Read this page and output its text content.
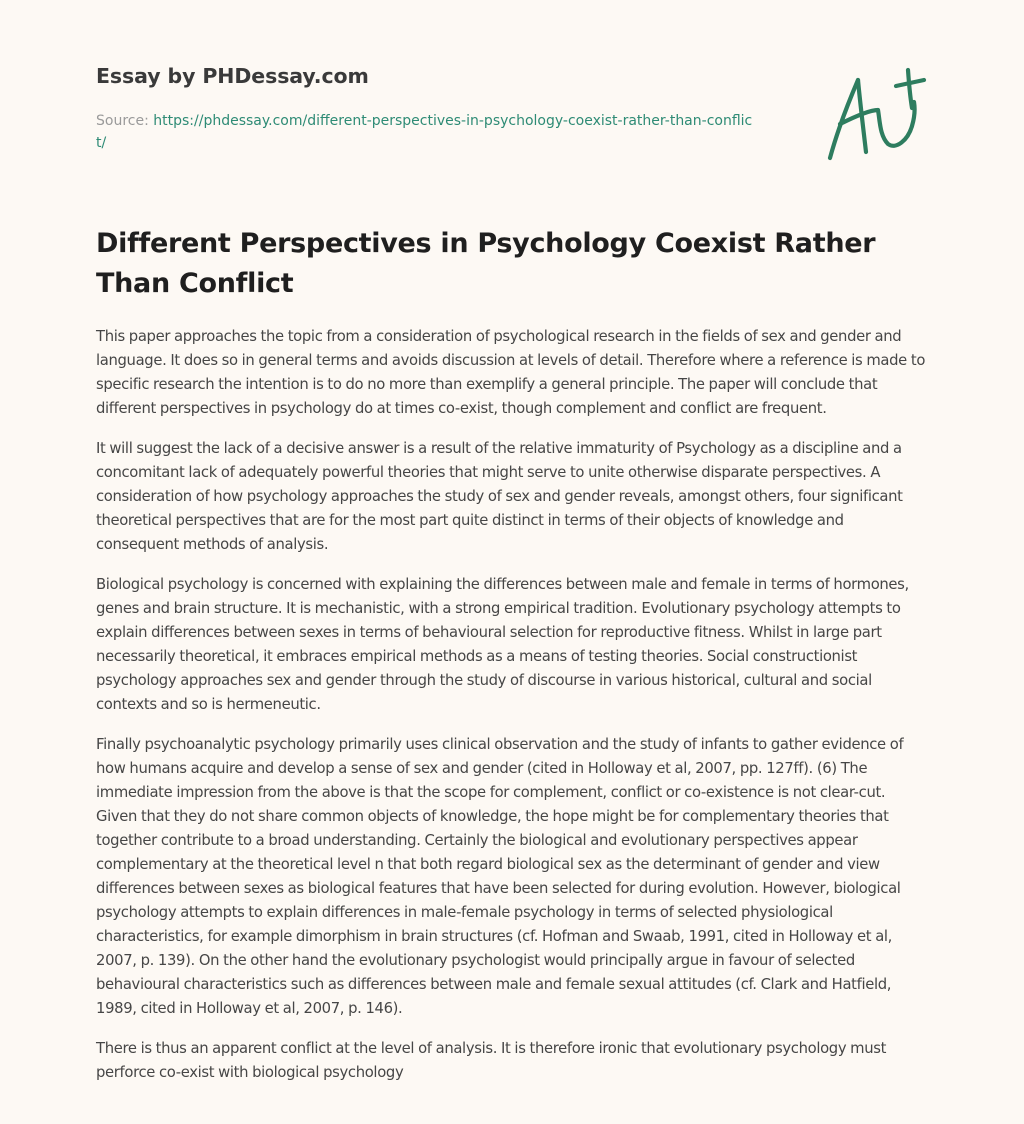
Essay by PHDessay.com
Source: https://phdessay.com/different-perspectives-in-psychology-coexist-rather-than-conflict/
Different Perspectives in Psychology Coexist Rather Than Conflict

This paper approaches the topic from a consideration of psychological research in the fields of sex and gender and language. It does so in general terms and avoids discussion at levels of detail. Therefore where a reference is made to specific research the intention is to do no more than exemplify a general principle. The paper will conclude that different perspectives in psychology do at times co-exist, though complement and conflict are frequent.

It will suggest the lack of a decisive answer is a result of the relative immaturity of Psychology as a discipline and a concomitant lack of adequately powerful theories that might serve to unite otherwise disparate perspectives. A consideration of how psychology approaches the study of sex and gender reveals, amongst others, four significant theoretical perspectives that are for the most part quite distinct in terms of their objects of knowledge and consequent methods of analysis.

Biological psychology is concerned with explaining the differences between male and female in terms of hormones, genes and brain structure. It is mechanistic, with a strong empirical tradition. Evolutionary psychology attempts to explain differences between sexes in terms of behavioural selection for reproductive fitness. Whilst in large part necessarily theoretical, it embraces empirical methods as a means of testing theories. Social constructionist psychology approaches sex and gender through the study of discourse in various historical, cultural and social contexts and so is hermeneutic.

Finally psychoanalytic psychology primarily uses clinical observation and the study of infants to gather evidence of how humans acquire and develop a sense of sex and gender (cited in Holloway et al, 2007, pp. 127ff). (6) The immediate impression from the above is that the scope for complement, conflict or co-existence is not clear-cut. Given that they do not share common objects of knowledge, the hope might be for complementary theories that together contribute to a broad understanding. Certainly the biological and evolutionary perspectives appear complementary at the theoretical level n that both regard biological sex as the determinant of gender and view differences between sexes as biological features that have been selected for during evolution. However, biological psychology attempts to explain differences in male-female psychology in terms of selected physiological characteristics, for example dimorphism in brain structures (cf. Hofman and Swaab, 1991, cited in Holloway et al, 2007, p. 139). On the other hand the evolutionary psychologist would principally argue in favour of selected behavioural characteristics such as differences between male and female sexual attitudes (cf. Clark and Hatfield, 1989, cited in Holloway et al, 2007, p. 146).

There is thus an apparent conflict at the level of analysis. It is therefore ironic that evolutionary psychology must perforce co-exist with biological psychology
